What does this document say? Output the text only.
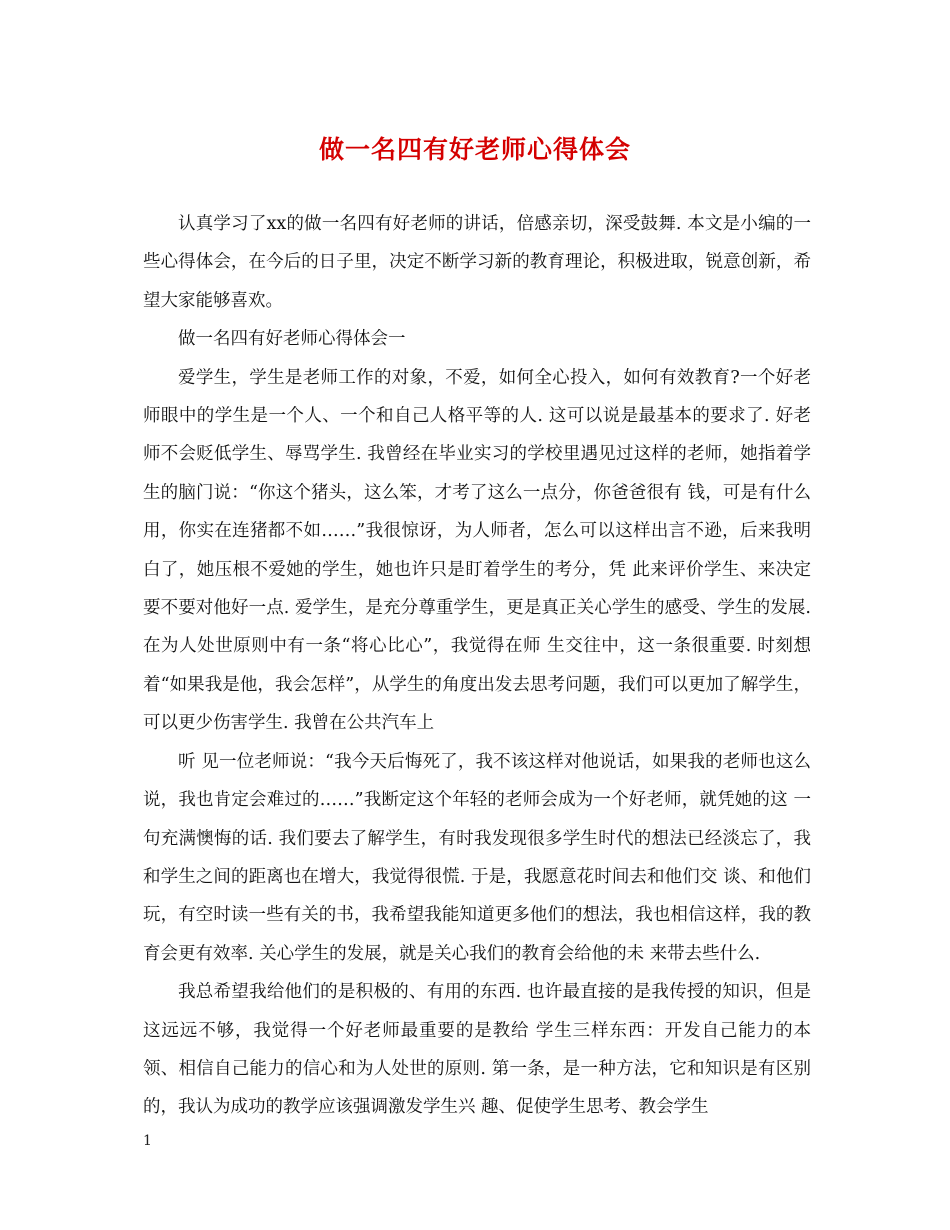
做一名四有好老师心得体会

认真学习了xx的做一名四有好老师的讲话，倍感亲切，深受鼓舞. 本文是小编的一些心得体会，在今后的日子里，决定不断学习新的教育理论，积极进取，锐意创新，希望大家能够喜欢。

做一名四有好老师心得体会一

爱学生，学生是老师工作的对象，不爱，如何全心投入，如何有效教育?一个好老师眼中的学生是一个人、一个和自己人格平等的人. 这可以说是最基本的要求了. 好老师不会贬低学生、辱骂学生. 我曾经在毕业实习的学校里遇见过这样的老师，她指着学生的脑门说：“你这个猪头，这么笨，才考了这么一点分，你爸爸很有 钱，可是有什么用，你实在连猪都不如……”我很惊讶，为人师者，怎么可以这样出言不逊，后来我明白了，她压根不爱她的学生，她也许只是盯着学生的考分，凭 此来评价学生、来决定要不要对他好一点. 爱学生，是充分尊重学生，更是真正关心学生的感受、学生的发展. 在为人处世原则中有一条“将心比心”，我觉得在师 生交往中，这一条很重要. 时刻想着“如果我是他，我会怎样”，从学生的角度出发去思考问题，我们可以更加了解学生，可以更少伤害学生. 我曾在公共汽车上

听 见一位老师说：“我今天后悔死了，我不该这样对他说话，如果我的老师也这么说，我也肯定会难过的……”我断定这个年轻的老师会成为一个好老师，就凭她的这 一句充满懊悔的话. 我们要去了解学生，有时我发现很多学生时代的想法已经淡忘了，我和学生之间的距离也在增大，我觉得很慌. 于是，我愿意花时间去和他们交 谈、和他们玩，有空时读一些有关的书，我希望我能知道更多他们的想法，我也相信这样，我的教育会更有效率. 关心学生的发展，就是关心我们的教育会给他的未 来带去些什么.

我总希望我给他们的是积极的、有用的东西. 也许最直接的是我传授的知识，但是这远远不够，我觉得一个好老师最重要的是教给 学生三样东西：开发自己能力的本领、相信自己能力的信心和为人处世的原则. 第一条，是一种方法，它和知识是有区别的，我认为成功的教学应该强调激发学生兴 趣、促使学生思考、教会学生

1
